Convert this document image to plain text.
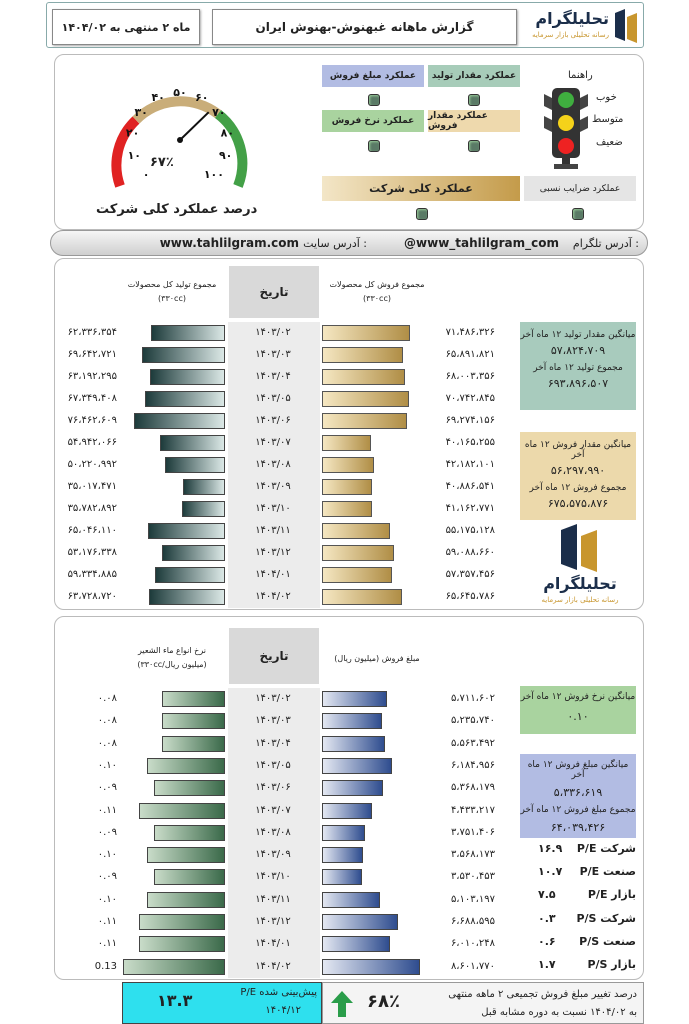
ماه ۲ منتهی به ۱۴۰۴/۰۲	گزارش ماهانه غبهنوش-بهنوش ایران	تحلیلگرام
رسانه تحلیلی بازار سرمایه
۰
۱۰
۲۰
۳۰
۴۰ ۵۰ ۶۰
۷۰
۸۰
۹۰
۱۰۰
۶۷٪
درصد عملکرد کلی شرکت
عملکرد مبلغ فروش	عملکرد مقدار تولید
عملکرد نرخ فروش	عملکرد مقدار فروش
عملکرد کلی شرکت	عملکرد ضرایب نسبی
راهنما
خوب
متوسط
ضعیف
آدرس تلگرام :
@www_tahlilgram_com
آدرس سایت :
www.tahlilgram.com
مجموع تولید کل محصولات
(۳۳۰cc)	تاریخ
مجموع فروش کل محصولات
(۳۳۰cc)
۶۲،۳۳۶،۳۵۴	۱۴۰۳/۰۲	۷۱،۴۸۶،۳۲۶
۶۹،۶۴۲،۷۲۱	۱۴۰۳/۰۳	۶۵،۸۹۱،۸۲۱
۶۳،۱۹۲،۲۹۵	۱۴۰۳/۰۴	۶۸،۰۰۳،۳۵۶
۶۷،۳۴۹،۴۰۸	۱۴۰۳/۰۵	۷۰،۷۴۲،۸۴۵
۷۶،۴۶۲،۶۰۹	۱۴۰۳/۰۶	۶۹،۲۷۴،۱۵۶
۵۴،۹۴۲،۰۶۶	۱۴۰۳/۰۷	۴۰،۱۶۵،۲۵۵
۵۰،۲۲۰،۹۹۲	۱۴۰۳/۰۸	۴۲،۱۸۲،۱۰۱
۳۵،۰۱۷،۴۷۱	۱۴۰۳/۰۹	۴۰،۸۸۶،۵۴۱
۳۵،۷۸۲،۸۹۲	۱۴۰۳/۱۰	۴۱،۱۶۲،۷۷۱
۶۵،۰۴۶،۱۱۰	۱۴۰۳/۱۱	۵۵،۱۷۵،۱۲۸
۵۳،۱۷۶،۳۳۸	۱۴۰۳/۱۲	۵۹،۰۸۸،۶۶۰
۵۹،۳۳۴،۸۸۵	۱۴۰۴/۰۱	۵۷،۳۵۷،۴۵۶
۶۳،۷۲۸،۷۲۰	۱۴۰۴/۰۲	۶۵،۶۴۵،۷۸۶
میانگین مقدار تولید ۱۲ ماه آخر
۵۷،۸۲۴،۷۰۹
مجموع تولید ۱۲ ماه آخر
۶۹۳،۸۹۶،۵۰۷
میانگین مقدار فروش ۱۲ ماه آخر
۵۶،۲۹۷،۹۹۰
مجموع فروش ۱۲ ماه آخر
۶۷۵،۵۷۵،۸۷۶
تحلیلگرام
رسانه تحلیلی بازار سرمایه
نرخ انواع ماء الشعیر
(۳۳۰cc/میلیون ریال)
تاریخ	مبلغ فروش (میلیون ریال)
۰.۰۸	۱۴۰۳/۰۲	۵،۷۱۱،۶۰۲
۰.۰۸	۱۴۰۳/۰۳	۵،۲۳۵،۷۴۰
۰.۰۸	۱۴۰۳/۰۴	۵،۵۶۳،۴۹۲
۰.۱۰	۱۴۰۳/۰۵	۶،۱۸۴،۹۵۶
۰.۰۹	۱۴۰۳/۰۶	۵،۳۶۸،۱۷۹
۰.۱۱	۱۴۰۳/۰۷	۴،۴۳۳،۲۱۷
۰.۰۹	۱۴۰۳/۰۸	۳،۷۵۱،۴۰۶
۰.۱۰	۱۴۰۳/۰۹	۳،۵۶۸،۱۷۳
۰.۰۹	۱۴۰۳/۱۰	۳،۵۳۰،۴۵۳
۰.۱۰	۱۴۰۳/۱۱	۵،۱۰۳،۱۹۷
۰.۱۱	۱۴۰۳/۱۲	۶،۶۸۸،۵۹۵
۰.۱۱	۱۴۰۴/۰۱	۶،۰۱۰،۲۴۸
0.13	۱۴۰۴/۰۲	۸،۶۰۱،۷۷۰
میانگین نرخ فروش ۱۲ ماه آخر
۰.۱۰
میانگین مبلغ فروش ۱۲ ماه آخر
۵،۳۳۶،۶۱۹
مجموع مبلغ فروش ۱۲ ماه آخر
۶۴،۰۳۹،۴۲۶
P/E شرکت
۱۶.۹
P/E صنعت
۱۰.۷
P/E بازار
۷.۵
P/S شرکت
۰.۳
P/S صنعت
۰.۶
P/S بازار
۱.۷
P/E پیش‌بینی شده
۱۴۰۴/۱۲
۱۳.۳	درصد تغییر مبلغ فروش تجمیعی ۲ ماهه منتهی
به ۱۴۰۴/۰۲ نسبت به دوره مشابه قبل
۶۸٪
